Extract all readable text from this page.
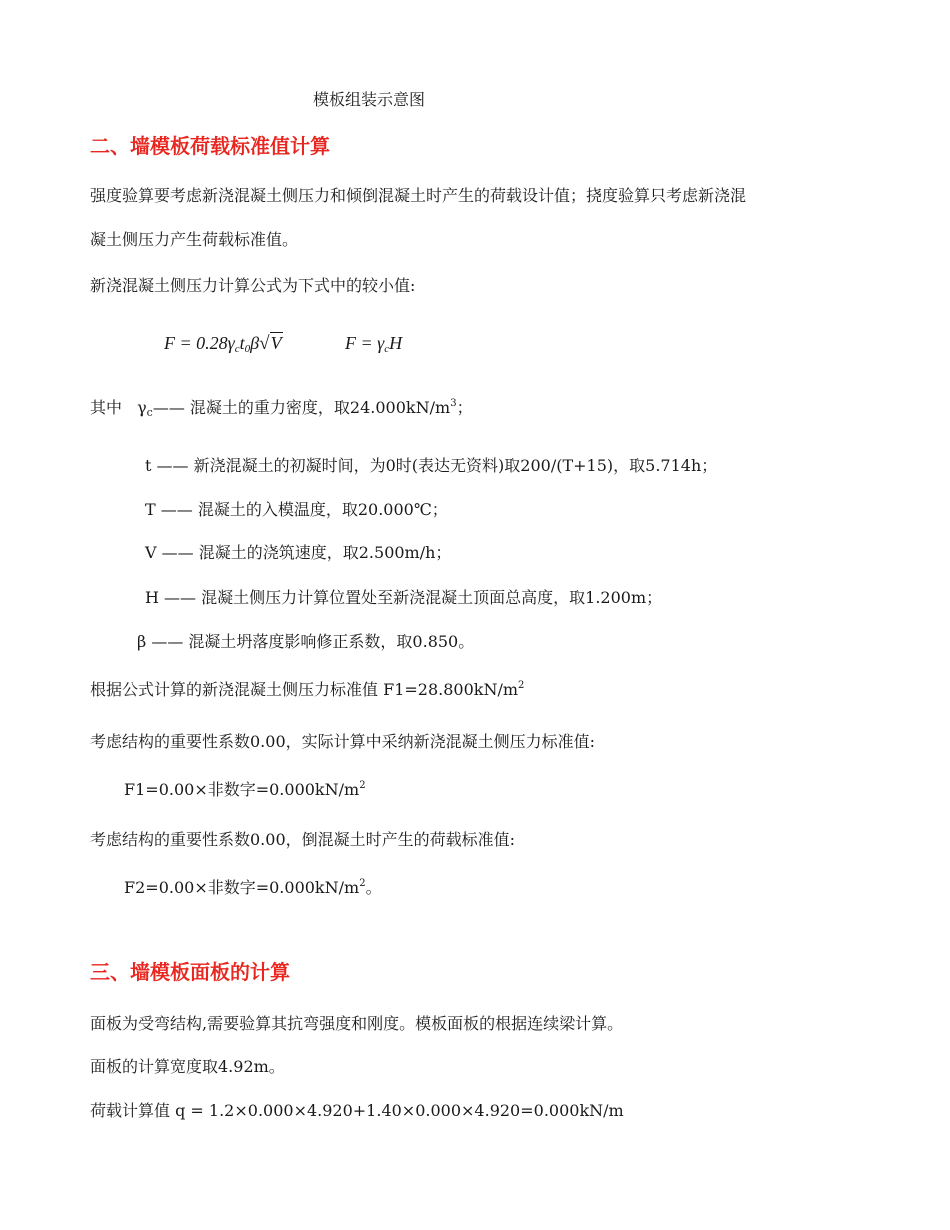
模板组装示意图
二、墙模板荷载标准值计算
强度验算要考虑新浇混凝土侧压力和倾倒混凝土时产生的荷载设计值；挠度验算只考虑新浇混
凝土侧压力产生荷载标准值。
新浇混凝土侧压力计算公式为下式中的较小值:
$F = 0.28\gamma_ct_0\beta√V$	$F = \gamma_cH$
其中 $\gamma_c——$ 混凝土的重力密度，取$24.000kN/m^3$；
t —— 新浇混凝土的初凝时间，为0时(表达无资料)取200/(T+15)，取5.714h；
T —— 混凝土的入模温度，取20.000℃；
V —— 混凝土的浇筑速度，取2.500m/h；
H —— 混凝土侧压力计算位置处至新浇混凝土顶面总高度，取1.200m；
β —— 混凝土坍落度影响修正系数，取0.850。
根据公式计算的新浇混凝土侧压力标准值 $F1=28.800kN/m^2$
考虑结构的重要性系数0.00，实际计算中采纳新浇混凝土侧压力标准值:
F1=0.00×非数字$=0.000kN/m^2$
考虑结构的重要性系数0.00，倒混凝土时产生的荷载标准值:
F2=0.00×非数字$=0.000kN/m^2$。
三、墙模板面板的计算
面板为受弯结构,需要验算其抗弯强度和刚度。模板面板的根据连续梁计算。
面板的计算宽度取4.92m。
荷载计算值 q = 1.2×0.000×4.920+1.40×0.000×4.920=0.000kN/m
